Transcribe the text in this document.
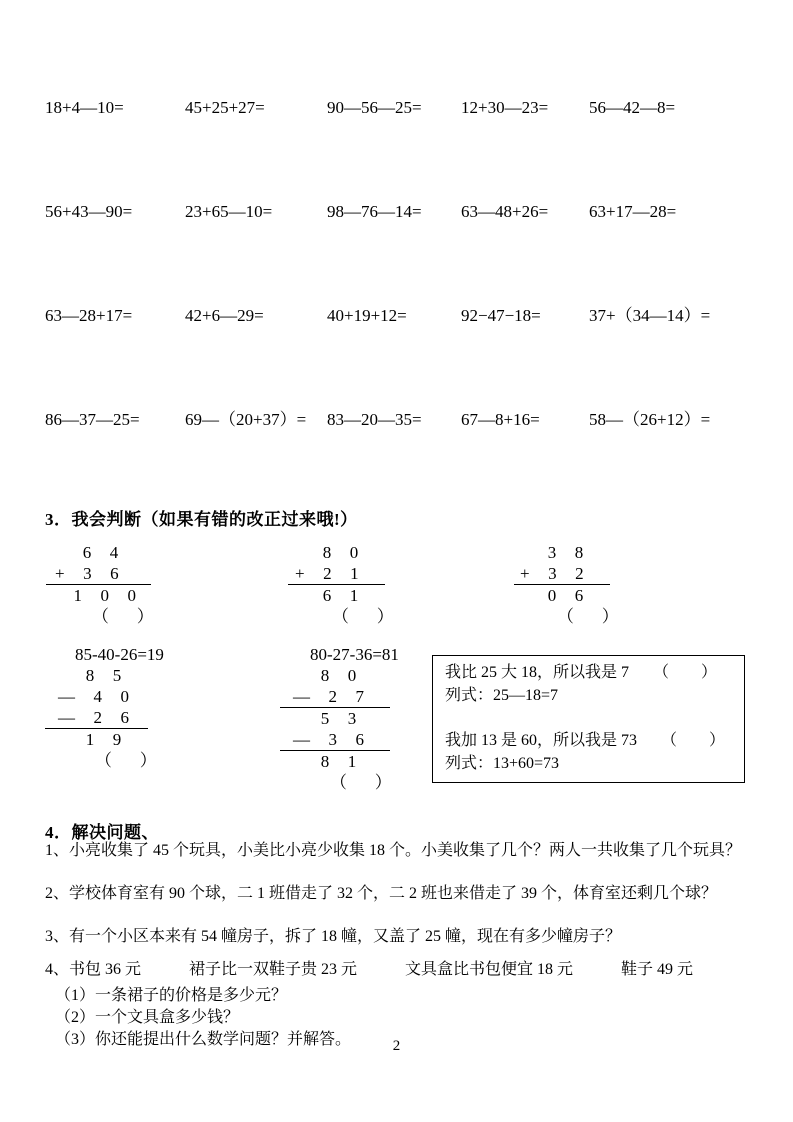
18+4—10=	45+25+27=	90—56—25=	12+30—23=	56—42—8=
56+43—90=	23+65—10=	98—76—14=	63—48+26=	63+17—28=
63—28+17=	42+6—29=	40+19+12=	92−47−18=	37+（34—14）=
86—37—25=	69—（20+37）=	83—20—35=	67—8+16=	58—（26+12）=
3．我会判断（如果有错的改正过来哦!）
6  4
+  3  6
1  0  0
（   ）
8  0
+  2  1
6  1
（   ）
3  8
+  3  2
0  6
（   ）
85-40-26=19
8  5
—  4  0
—  2  6
1  9
（   ）
80-27-36=81
8  0
—  2  7
5  3
—  3  6
8  1
（   ）
我比 25 大 18，所以我是 7　　（　　）
列式：25—18=7
我加 13 是 60，所以我是 73　　（　　）
列式：13+60=73
4．解决问题、
1、小亮收集了 45 个玩具，小美比小亮少收集 18 个。小美收集了几个？两人一共收集了几个玩具？
2、学校体育室有 90 个球，二 1 班借走了 32 个，二 2 班也来借走了 39 个，体育室还剩几个球？
3、有一个小区本来有 54 幢房子，拆了 18 幢，又盖了 25 幢，现在有多少幢房子？
4、书包 36 元　　　裙子比一双鞋子贵 23 元　　　文具盒比书包便宜 18 元　　　鞋子 49 元
（1）一条裙子的价格是多少元？
（2）一个文具盒多少钱？
（3）你还能提出什么数学问题？并解答。	2
